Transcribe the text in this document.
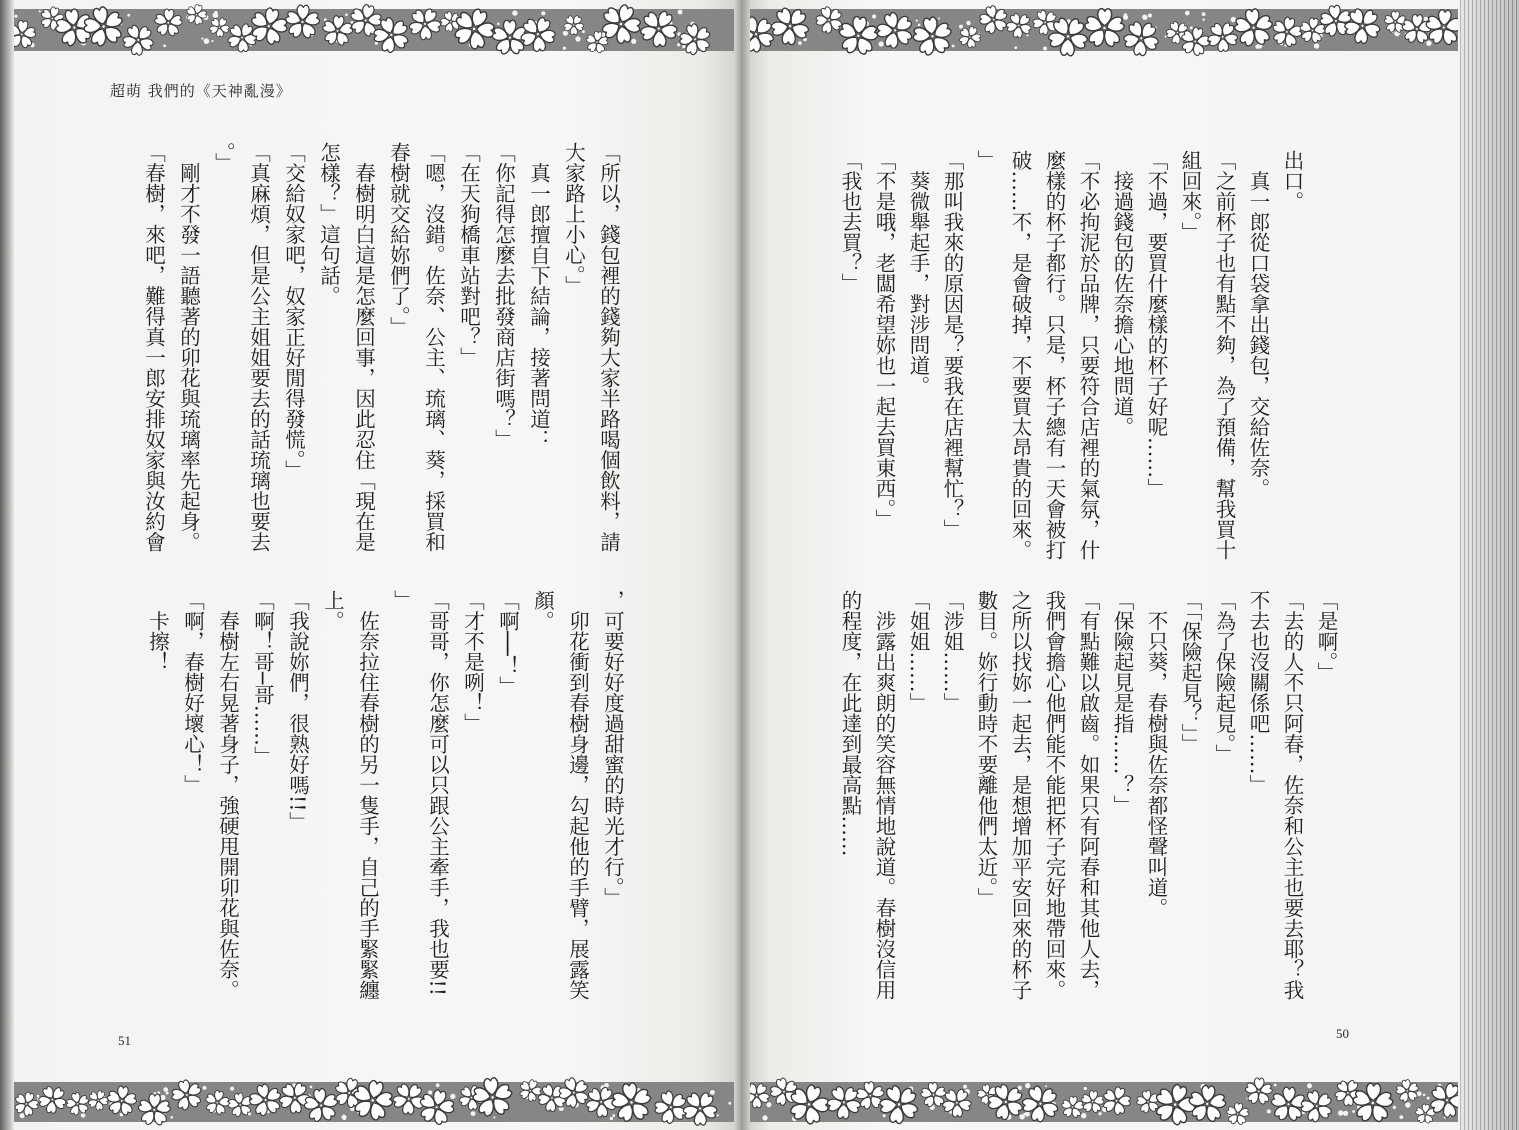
超萌 我們的《天神亂漫》
「所以，錢包裡的錢夠大家半路喝個飲料，請
大家路上小心。」
　真一郎擅自下結論，接著問道：
「你記得怎麼去批發商店街嗎？」
「在天狗橋車站對吧？」
「嗯，沒錯。佐奈、公主、琉璃、葵，採買和
春樹就交給妳們了。」
　春樹明白這是怎麼回事，因此忍住「現在是
怎樣？」這句話。
「交給奴家吧，奴家正好閒得發慌。」
「真麻煩，但是公主姐姐要去的話琉璃也要去
。」
　剛才不發一語聽著的卯花與琉璃率先起身。
「春樹，來吧，難得真一郎安排奴家與汝約會
，可要好好度過甜蜜的時光才行。」
　卯花衝到春樹身邊，勾起他的手臂，展露笑
顏。
「啊──！」
「才不是咧！」
「哥哥，你怎麼可以只跟公主牽手，我也要!!
」
　佐奈拉住春樹的另一隻手，自己的手緊緊纏
上。
「我說妳們，很熟好嗎!!」
「啊！哥─哥……」
　春樹左右晃著身子，強硬甩開卯花與佐奈。
「啊，春樹好壞心！」
　卡擦！
出口。
　真一郎從口袋拿出錢包，交給佐奈。
「之前杯子也有點不夠，為了預備，幫我買十
組回來。」
「不過，要買什麼樣的杯子好呢……」
　接過錢包的佐奈擔心地問道。
「不必拘泥於品牌，只要符合店裡的氣氛，什
麼樣的杯子都行。只是，杯子總有一天會被打
破……不，是會破掉，不要買太昂貴的回來。
」
「那叫我來的原因是？要我在店裡幫忙？」
　葵微舉起手，對涉問道。
「不是哦，老闆希望妳也一起去買東西。」
「我也去買？」
「是啊。」
「去的人不只阿春，佐奈和公主也要去耶？我
不去也沒關係吧……」
「為了保險起見。」
「「保險起見？」」
　不只葵，春樹與佐奈都怪聲叫道。
「保險起見是指……？」
「有點難以啟齒。如果只有阿春和其他人去，
我們會擔心他們能不能把杯子完好地帶回來。
之所以找妳一起去，是想增加平安回來的杯子
數目。妳行動時不要離他們太近。」
「涉姐……」
「姐姐……」
　涉露出爽朗的笑容無情地說道。春樹沒信用
的程度，在此達到最高點……
51	50
